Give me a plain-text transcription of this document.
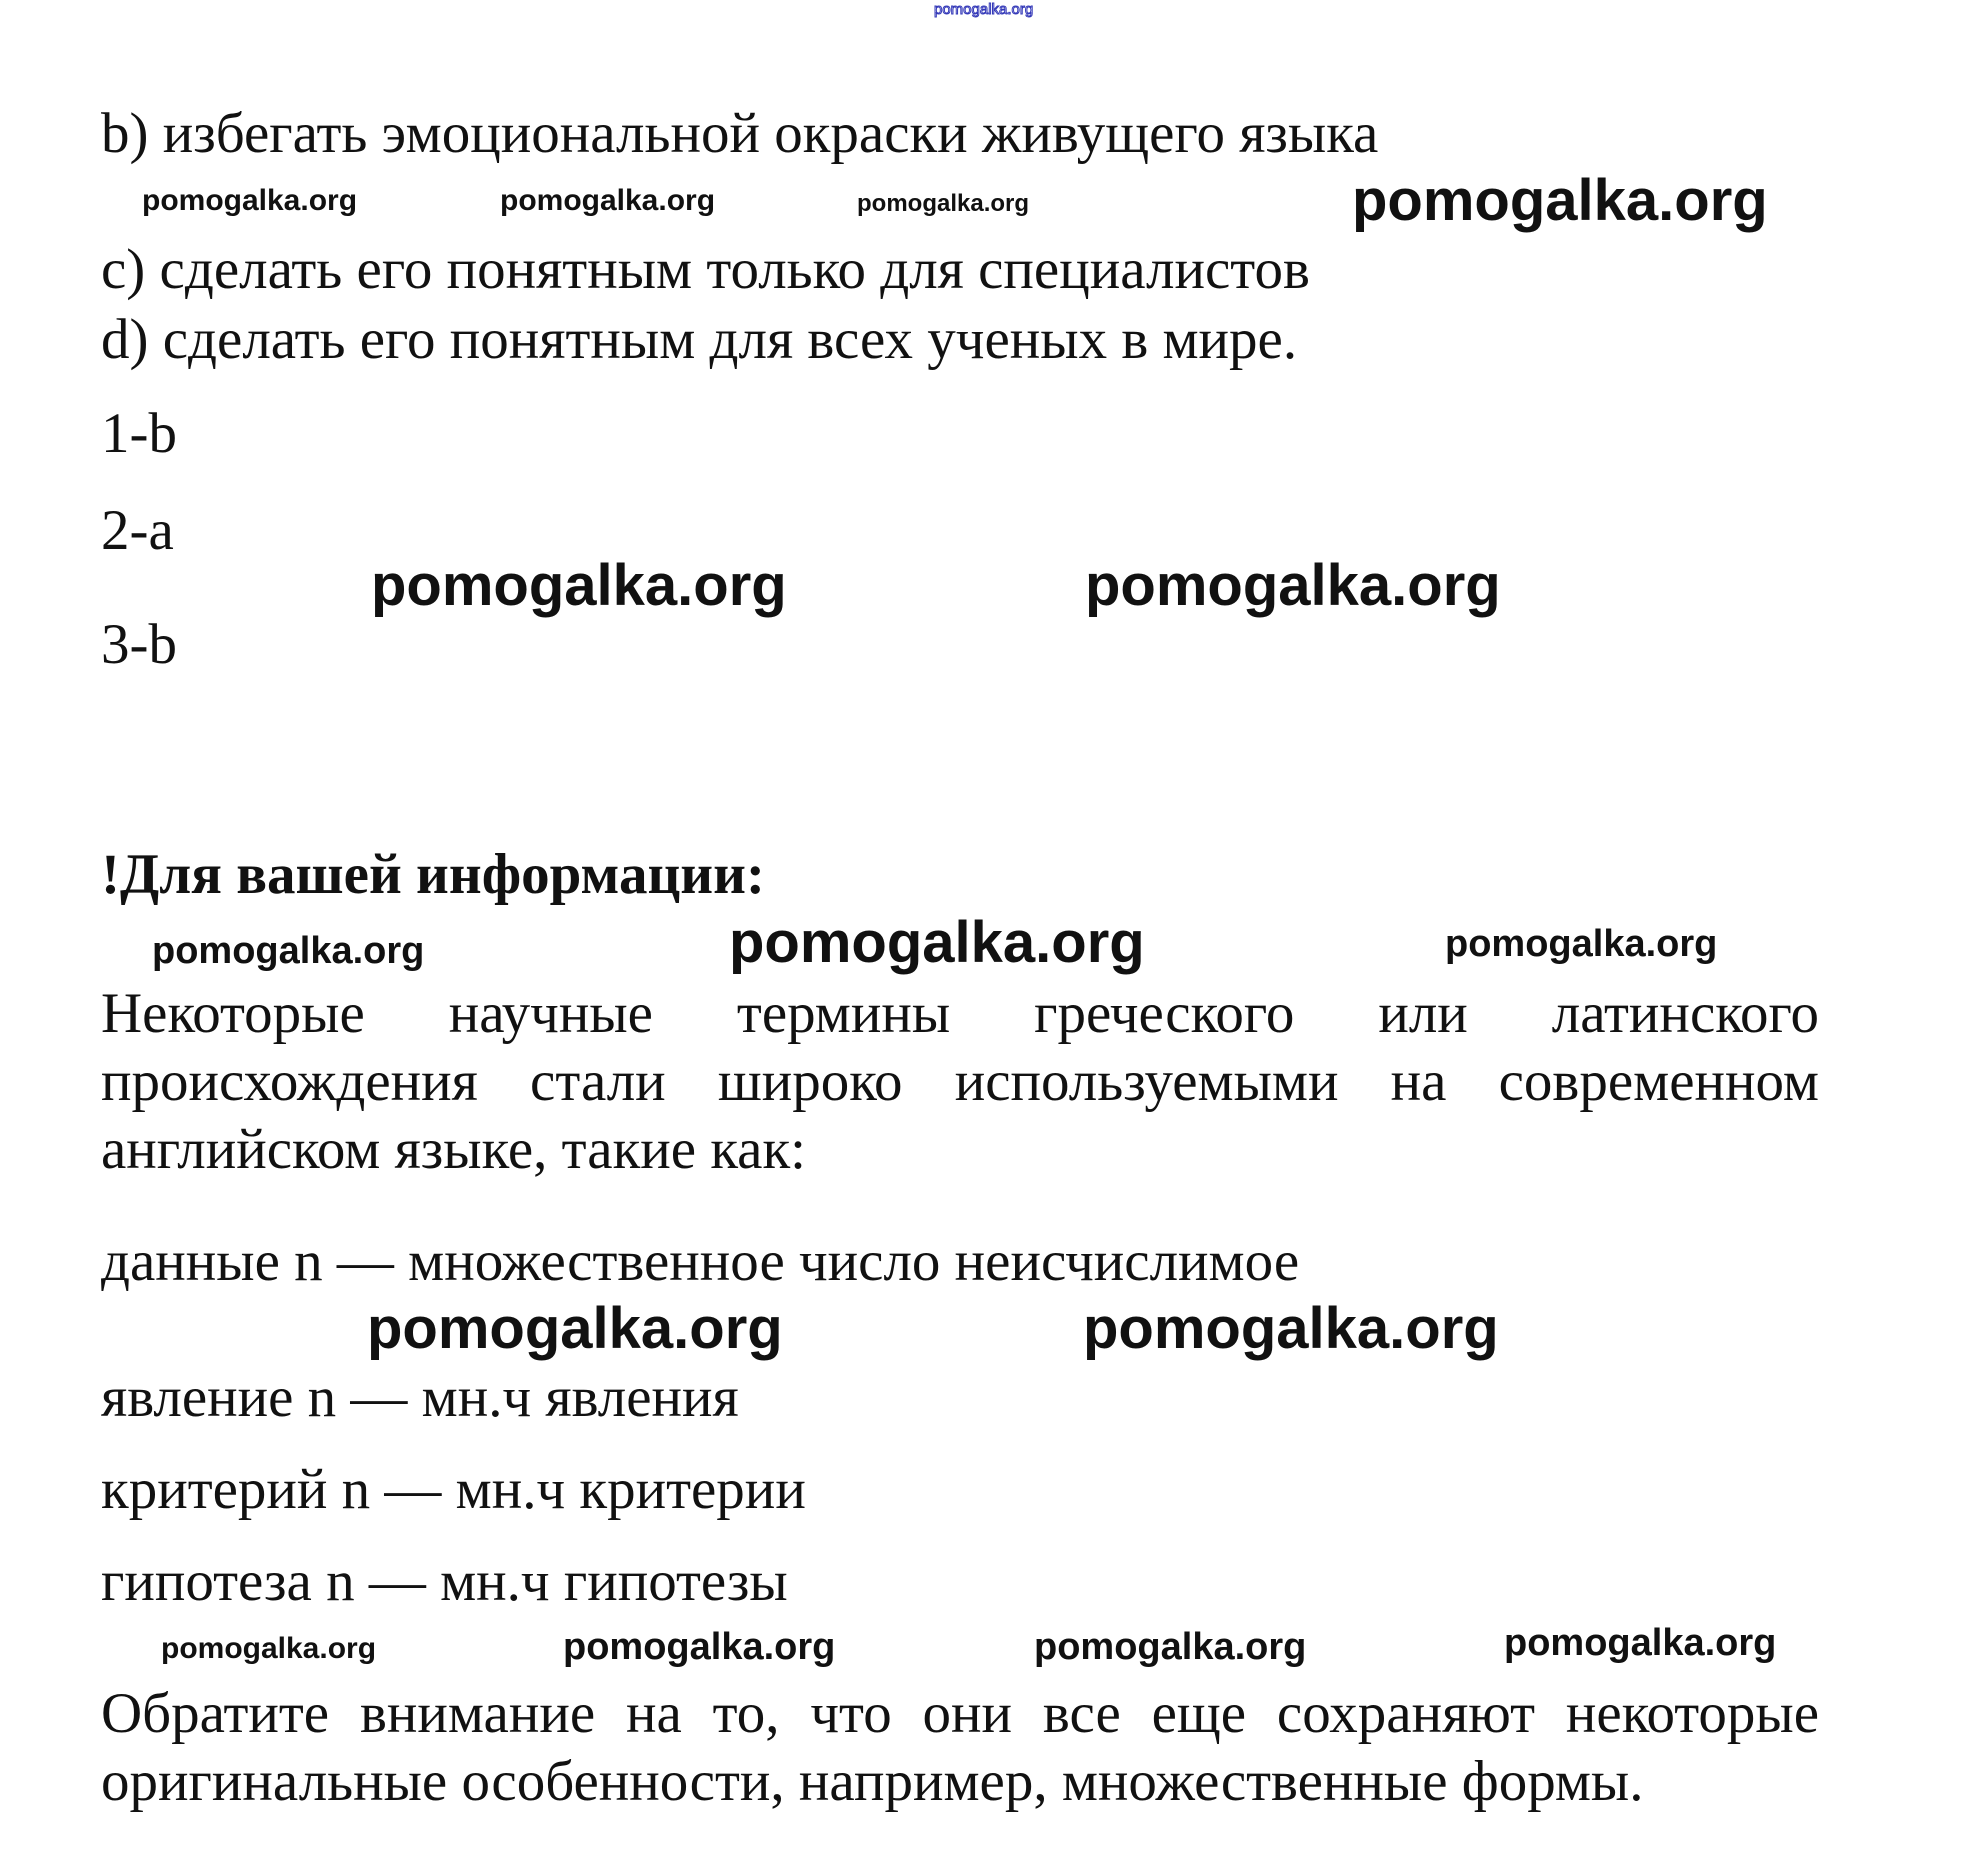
pomogalka.org
b) избегать эмоциональной окраски живущего языка
pomogalka.org	pomogalka.org	pomogalka.org	pomogalka.org
c) сделать его понятным только для специалистов
d) сделать его понятным для всех ученых в мире.
1-b
2-a
3-b
pomogalka.org	pomogalka.org
!Для вашей информации:
pomogalka.org	pomogalka.org	pomogalka.org
Некоторые научные термины греческого или латинского
происхождения стали широко используемыми на современном
английском языке, такие как:
данные n — множественное число неисчислимое
pomogalka.org	pomogalka.org
явление n — мн.ч явления
критерий n — мн.ч критерии
гипотеза n — мн.ч гипотезы
pomogalka.org	pomogalka.org	pomogalka.org	pomogalka.org
Обратите внимание на то, что они все еще сохраняют некоторые
оригинальные особенности, например, множественные формы.
